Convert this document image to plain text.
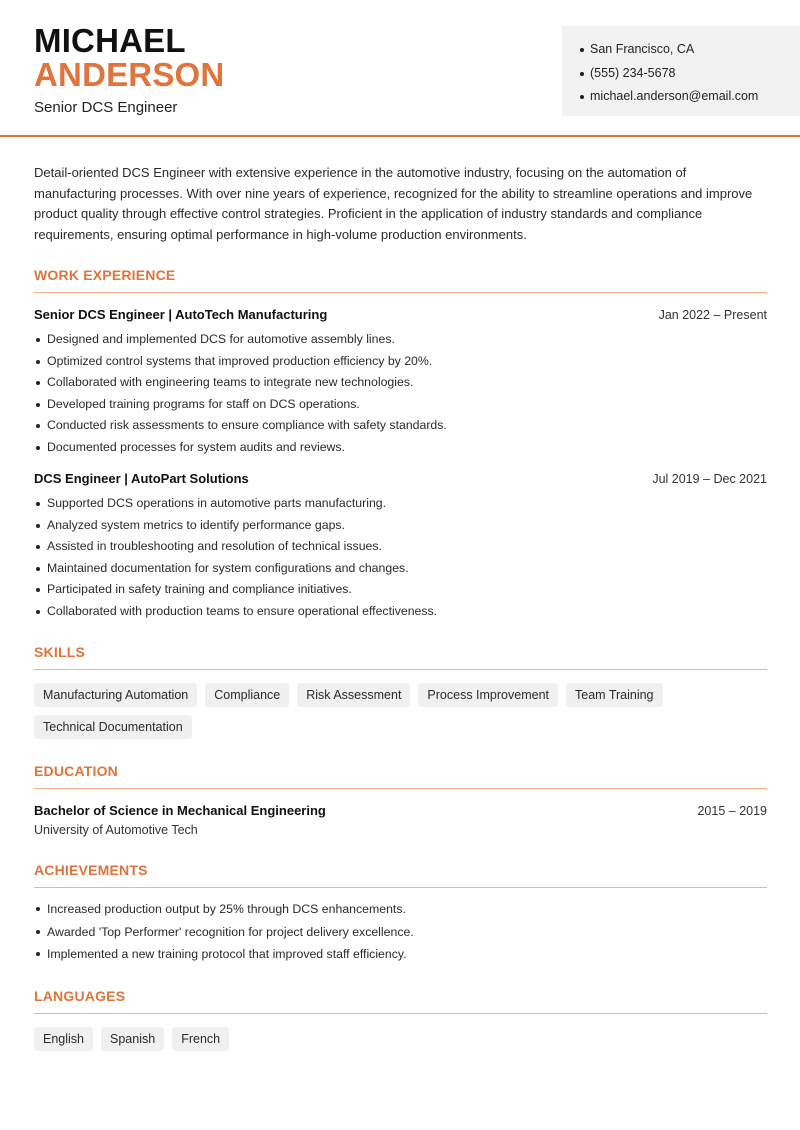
MICHAEL
ANDERSON
Senior DCS Engineer
San Francisco, CA
(555) 234-5678
michael.anderson@email.com

Detail-oriented DCS Engineer with extensive experience in the automotive industry, focusing on the automation of manufacturing processes. With over nine years of experience, recognized for the ability to streamline operations and improve product quality through effective control strategies. Proficient in the application of industry standards and compliance requirements, ensuring optimal performance in high-volume production environments.

WORK EXPERIENCE
Senior DCS Engineer | AutoTech Manufacturing	Jan 2022 – Present
Designed and implemented DCS for automotive assembly lines.
Optimized control systems that improved production efficiency by 20%.
Collaborated with engineering teams to integrate new technologies.
Developed training programs for staff on DCS operations.
Conducted risk assessments to ensure compliance with safety standards.
Documented processes for system audits and reviews.
DCS Engineer | AutoPart Solutions	Jul 2019 – Dec 2021
Supported DCS operations in automotive parts manufacturing.
Analyzed system metrics to identify performance gaps.
Assisted in troubleshooting and resolution of technical issues.
Maintained documentation for system configurations and changes.
Participated in safety training and compliance initiatives.
Collaborated with production teams to ensure operational effectiveness.
SKILLS
Manufacturing Automation	Compliance	Risk Assessment	Process Improvement	Team Training
Technical Documentation
EDUCATION
Bachelor of Science in Mechanical Engineering	2015 – 2019
University of Automotive Tech
ACHIEVEMENTS
Increased production output by 25% through DCS enhancements.
Awarded 'Top Performer' recognition for project delivery excellence.
Implemented a new training protocol that improved staff efficiency.
LANGUAGES
English	Spanish	French
